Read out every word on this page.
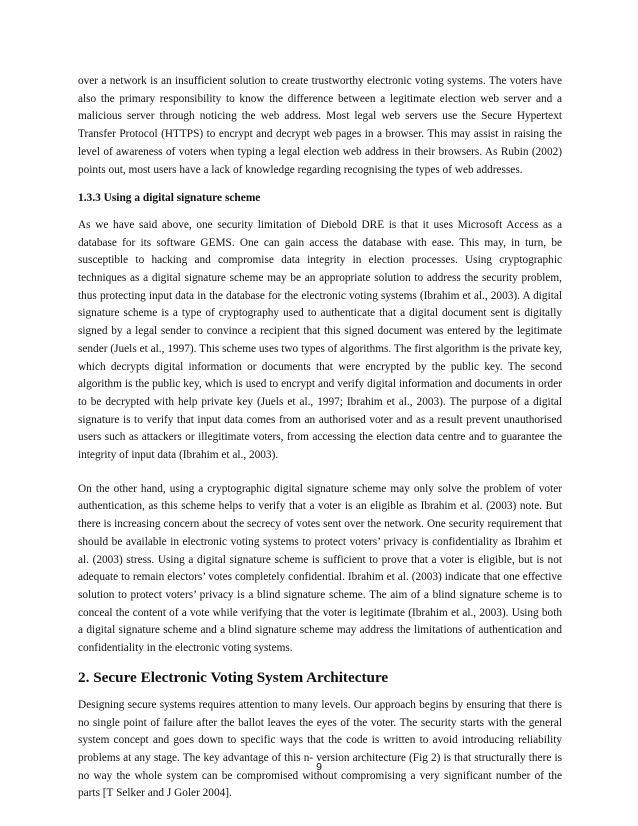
over a network is an insufficient solution to create trustworthy electronic voting systems. The voters have also the primary responsibility to know the difference between a legitimate election web server and a malicious server through noticing the web address. Most legal web servers use the Secure Hypertext Transfer Protocol (HTTPS) to encrypt and decrypt web pages in a browser. This may assist in raising the level of awareness of voters when typing a legal election web address in their browsers. As Rubin (2002) points out, most users have a lack of knowledge regarding recognising the types of web addresses.

1.3.3 Using a digital signature scheme

As we have said above, one security limitation of Diebold DRE is that it uses Microsoft Access as a database for its software GEMS. One can gain access the database with ease. This may, in turn, be susceptible to hacking and compromise data integrity in election processes. Using cryptographic techniques as a digital signature scheme may be an appropriate solution to address the security problem, thus protecting input data in the database for the electronic voting systems (Ibrahim et al., 2003). A digital signature scheme is a type of cryptography used to authenticate that a digital document sent is digitally signed by a legal sender to convince a recipient that this signed document was entered by the legitimate sender (Juels et al., 1997). This scheme uses two types of algorithms. The first algorithm is the private key, which decrypts digital information or documents that were encrypted by the public key. The second algorithm is the public key, which is used to encrypt and verify digital information and documents in order to be decrypted with help private key (Juels et al., 1997; Ibrahim et al., 2003). The purpose of a digital signature is to verify that input data comes from an authorised voter and as a result prevent unauthorised users such as attackers or illegitimate voters, from accessing the election data centre and to guarantee the integrity of input data (Ibrahim et al., 2003).

On the other hand, using a cryptographic digital signature scheme may only solve the problem of voter authentication, as this scheme helps to verify that a voter is an eligible as Ibrahim et al. (2003) note. But there is increasing concern about the secrecy of votes sent over the network. One security requirement that should be available in electronic voting systems to protect voters’ privacy is confidentiality as Ibrahim et al. (2003) stress. Using a digital signature scheme is sufficient to prove that a voter is eligible, but is not adequate to remain electors’ votes completely confidential. Ibrahim et al. (2003) indicate that one effective solution to protect voters’ privacy is a blind signature scheme. The aim of a blind signature scheme is to conceal the content of a vote while verifying that the voter is legitimate (Ibrahim et al., 2003). Using both a digital signature scheme and a blind signature scheme may address the limitations of authentication and confidentiality in the electronic voting systems.

2. Secure Electronic Voting System Architecture

Designing secure systems requires attention to many levels. Our approach begins by ensuring that there is no single point of failure after the ballot leaves the eyes of the voter. The security starts with the general system concept and goes down to specific ways that the code is written to avoid introducing reliability problems at any stage. The key advantage of this n- version architecture (Fig 2) is that structurally there is no way the whole system can be compromised without compromising a very significant number of the parts [T Selker and J Goler 2004].

9
